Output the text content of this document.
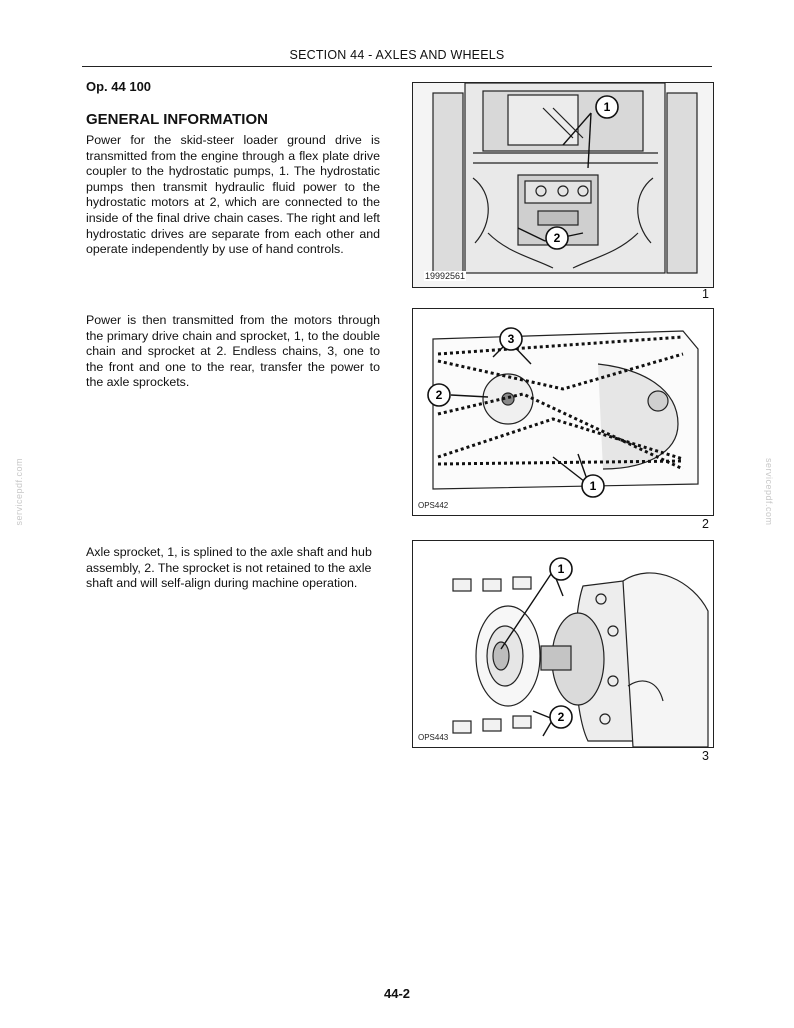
SECTION 44 - AXLES AND WHEELS
Op. 44 100
GENERAL INFORMATION
Power for the skid-steer loader ground drive is transmitted from the engine through a flex plate drive coupler to the hydrostatic pumps, 1. The hydrostatic pumps then transmit hydraulic fluid power to the hydrostatic motors at 2, which are connected to the inside of the final drive chain cases. The right and left hydrostatic drives are separate from each other and operate independently by use of hand controls.
Power is then transmitted from the motors through the primary drive chain and sprocket, 1, to the double chain and sprocket at 2. Endless chains, 3, one to the front and one to the rear, transfer the power to the axle sprockets.
Axle sprocket, 1, is splined to the axle shaft and hub assembly, 2. The sprocket is not retained to the axle shaft and will self-align during machine operation.
1
2
19992561
1
3
2
1
OPS442
2
1
2
OPS443
3
servicepdf.com	servicepdf.com
44-2
